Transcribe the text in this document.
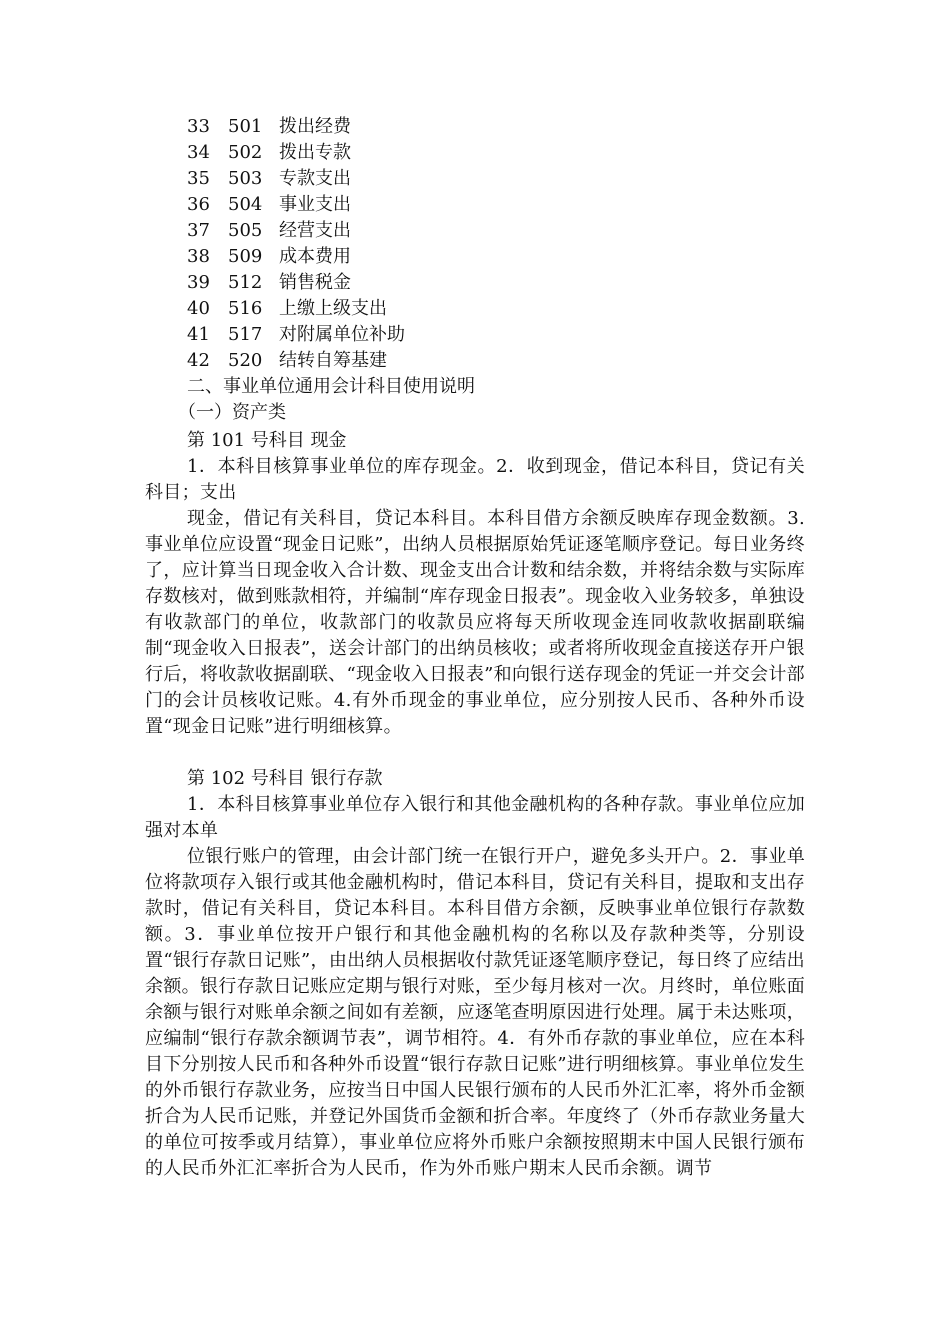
33 501 拨出经费
34 502 拨出专款
35 503 专款支出
36 504 事业支出
37 505 经营支出
38 509 成本费用
39 512 销售税金
40 516 上缴上级支出
41 517 对附属单位补助
42 520 结转自筹基建
二、事业单位通用会计科目使用说明
（一）资产类
第 101 号科目 现金

1．本科目核算事业单位的库存现金。2．收到现金，借记本科目，贷记有关科目；支出

现金，借记有关科目，贷记本科目。本科目借方余额反映库存现金数额。3.事业单位应设置“现金日记账”，出纳人员根据原始凭证逐笔顺序登记。每日业务终了，应计算当日现金收入合计数、现金支出合计数和结余数，并将结余数与实际库存数核对，做到账款相符，并编制“库存现金日报表”。现金收入业务较多，单独设有收款部门的单位，收款部门的收款员应将每天所收现金连同收款收据副联编制“现金收入日报表”，送会计部门的出纳员核收；或者将所收现金直接送存开户银行后，将收款收据副联、“现金收入日报表”和向银行送存现金的凭证一并交会计部门的会计员核收记账。4.有外币现金的事业单位，应分别按人民币、各种外币设置“现金日记账”进行明细核算。

第 102 号科目 银行存款

1．本科目核算事业单位存入银行和其他金融机构的各种存款。事业单位应加强对本单

位银行账户的管理，由会计部门统一在银行开户，避免多头开户。2．事业单位将款项存入银行或其他金融机构时，借记本科目，贷记有关科目，提取和支出存款时，借记有关科目，贷记本科目。本科目借方余额，反映事业单位银行存款数额。3．事业单位按开户银行和其他金融机构的名称以及存款种类等，分别设置“银行存款日记账”，由出纳人员根据收付款凭证逐笔顺序登记，每日终了应结出余额。银行存款日记账应定期与银行对账，至少每月核对一次。月终时，单位账面余额与银行对账单余额之间如有差额，应逐笔查明原因进行处理。属于未达账项，应编制“银行存款余额调节表”，调节相符。4．有外币存款的事业单位，应在本科目下分别按人民币和各种外币设置“银行存款日记账”进行明细核算。事业单位发生的外币银行存款业务，应按当日中国人民银行颁布的人民币外汇汇率，将外币金额折合为人民币记账，并登记外国货币金额和折合率。年度终了（外币存款业务量大的单位可按季或月结算），事业单位应将外币账户余额按照期末中国人民银行颁布的人民币外汇汇率折合为人民币，作为外币账户期末人民币余额。调节
